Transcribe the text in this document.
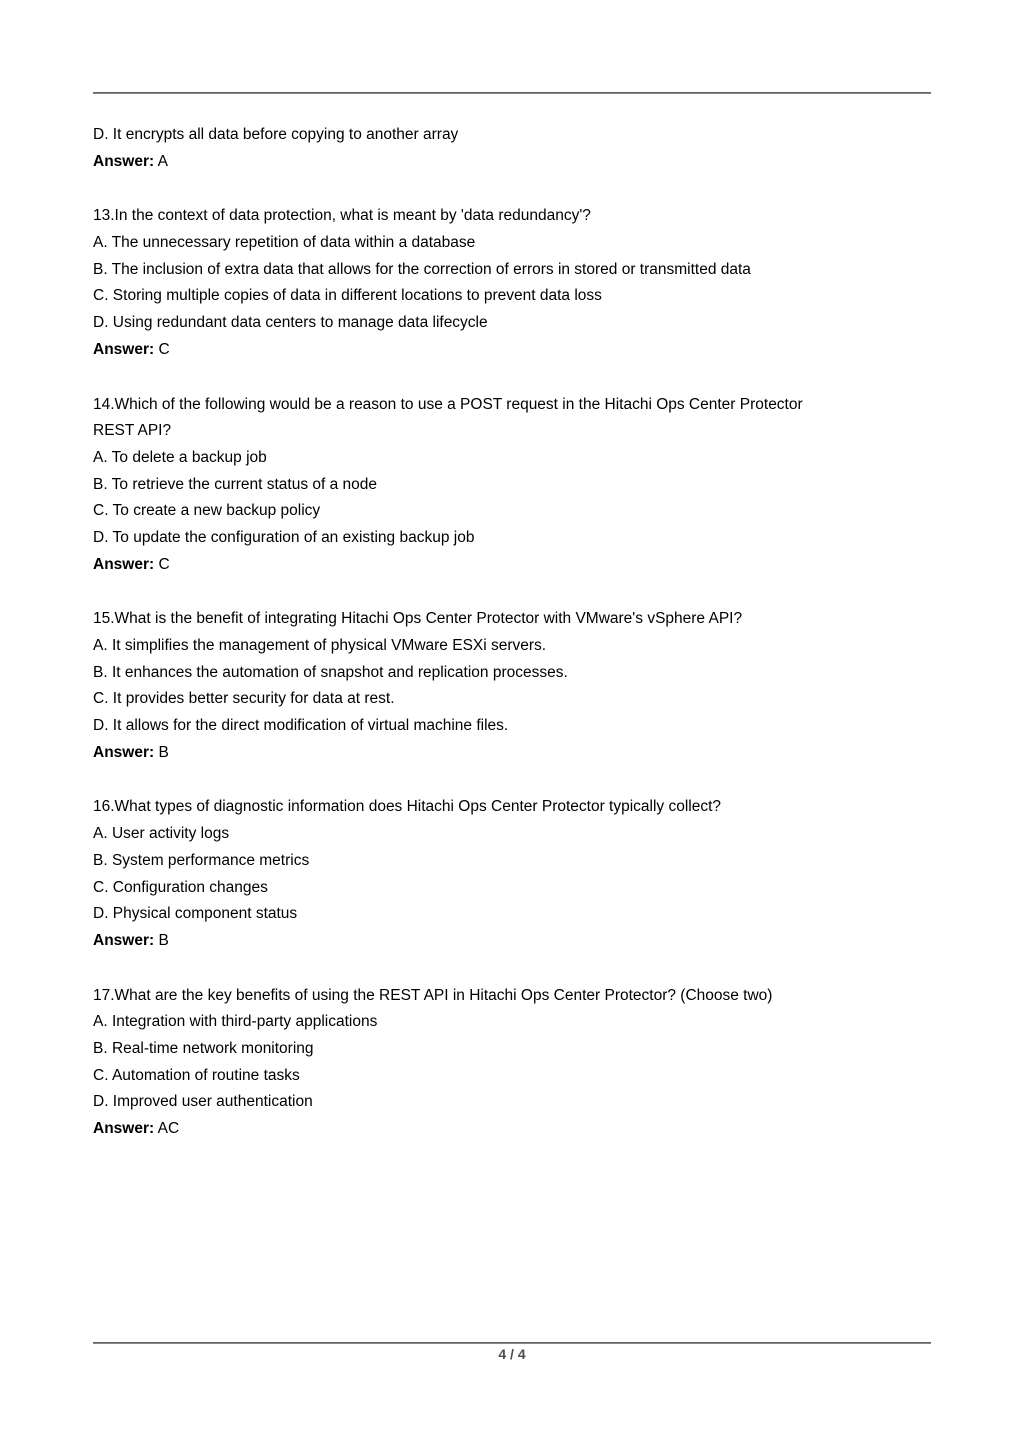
D. It encrypts all data before copying to another array
Answer: A
13.In the context of data protection, what is meant by 'data redundancy'?
A. The unnecessary repetition of data within a database
B. The inclusion of extra data that allows for the correction of errors in stored or transmitted data
C. Storing multiple copies of data in different locations to prevent data loss
D. Using redundant data centers to manage data lifecycle
Answer: C
14.Which of the following would be a reason to use a POST request in the Hitachi Ops Center Protector
REST API?
A. To delete a backup job
B. To retrieve the current status of a node
C. To create a new backup policy
D. To update the configuration of an existing backup job
Answer: C
15.What is the benefit of integrating Hitachi Ops Center Protector with VMware's vSphere API?
A. It simplifies the management of physical VMware ESXi servers.
B. It enhances the automation of snapshot and replication processes.
C. It provides better security for data at rest.
D. It allows for the direct modification of virtual machine files.
Answer: B
16.What types of diagnostic information does Hitachi Ops Center Protector typically collect?
A. User activity logs
B. System performance metrics
C. Configuration changes
D. Physical component status
Answer: B
17.What are the key benefits of using the REST API in Hitachi Ops Center Protector? (Choose two)
A. Integration with third-party applications
B. Real-time network monitoring
C. Automation of routine tasks
D. Improved user authentication
Answer: AC
4 / 4
